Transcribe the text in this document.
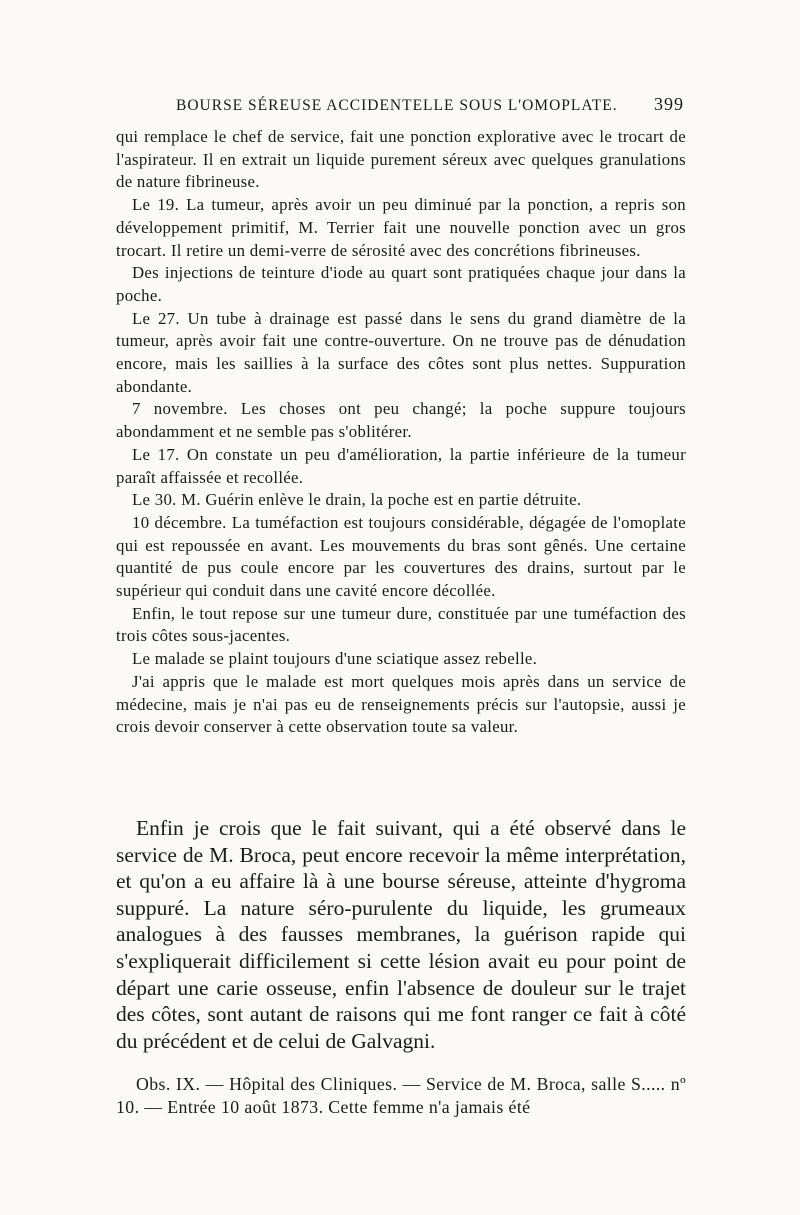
BOURSE SÉREUSE ACCIDENTELLE SOUS L'OMOPLATE. 399

qui remplace le chef de service, fait une ponction explorative avec le trocart de l'aspirateur. Il en extrait un liquide purement séreux avec quelques granulations de nature fibrineuse.

Le 19. La tumeur, après avoir un peu diminué par la ponction, a repris son développement primitif, M. Terrier fait une nouvelle ponction avec un gros trocart. Il retire un demi-verre de sérosité avec des concrétions fibrineuses.

Des injections de teinture d'iode au quart sont pratiquées chaque jour dans la poche.

Le 27. Un tube à drainage est passé dans le sens du grand diamètre de la tumeur, après avoir fait une contre-ouverture. On ne trouve pas de dénudation encore, mais les saillies à la surface des côtes sont plus nettes. Suppuration abondante.

7 novembre. Les choses ont peu changé; la poche suppure toujours abondamment et ne semble pas s'oblitérer.

Le 17. On constate un peu d'amélioration, la partie inférieure de la tumeur paraît affaissée et recollée.

Le 30. M. Guérin enlève le drain, la poche est en partie détruite.

10 décembre. La tuméfaction est toujours considérable, dégagée de l'omoplate qui est repoussée en avant. Les mouvements du bras sont gênés. Une certaine quantité de pus coule encore par les couvertures des drains, surtout par le supérieur qui conduit dans une cavité encore décollée.

Enfin, le tout repose sur une tumeur dure, constituée par une tuméfaction des trois côtes sous-jacentes.

Le malade se plaint toujours d'une sciatique assez rebelle.

J'ai appris que le malade est mort quelques mois après dans un service de médecine, mais je n'ai pas eu de renseignements précis sur l'autopsie, aussi je crois devoir conserver à cette observation toute sa valeur.

Enfin je crois que le fait suivant, qui a été observé dans le service de M. Broca, peut encore recevoir la même interprétation, et qu'on a eu affaire là à une bourse séreuse, atteinte d'hygroma suppuré. La nature séro-purulente du liquide, les grumeaux analogues à des fausses membranes, la guérison rapide qui s'expliquerait difficilement si cette lésion avait eu pour point de départ une carie osseuse, enfin l'absence de douleur sur le trajet des côtes, sont autant de raisons qui me font ranger ce fait à côté du précédent et de celui de Galvagni.

Obs. IX. — Hôpital des Cliniques. — Service de M. Broca, salle S..... nº 10. — Entrée 10 août 1873. Cette femme n'a jamais été
